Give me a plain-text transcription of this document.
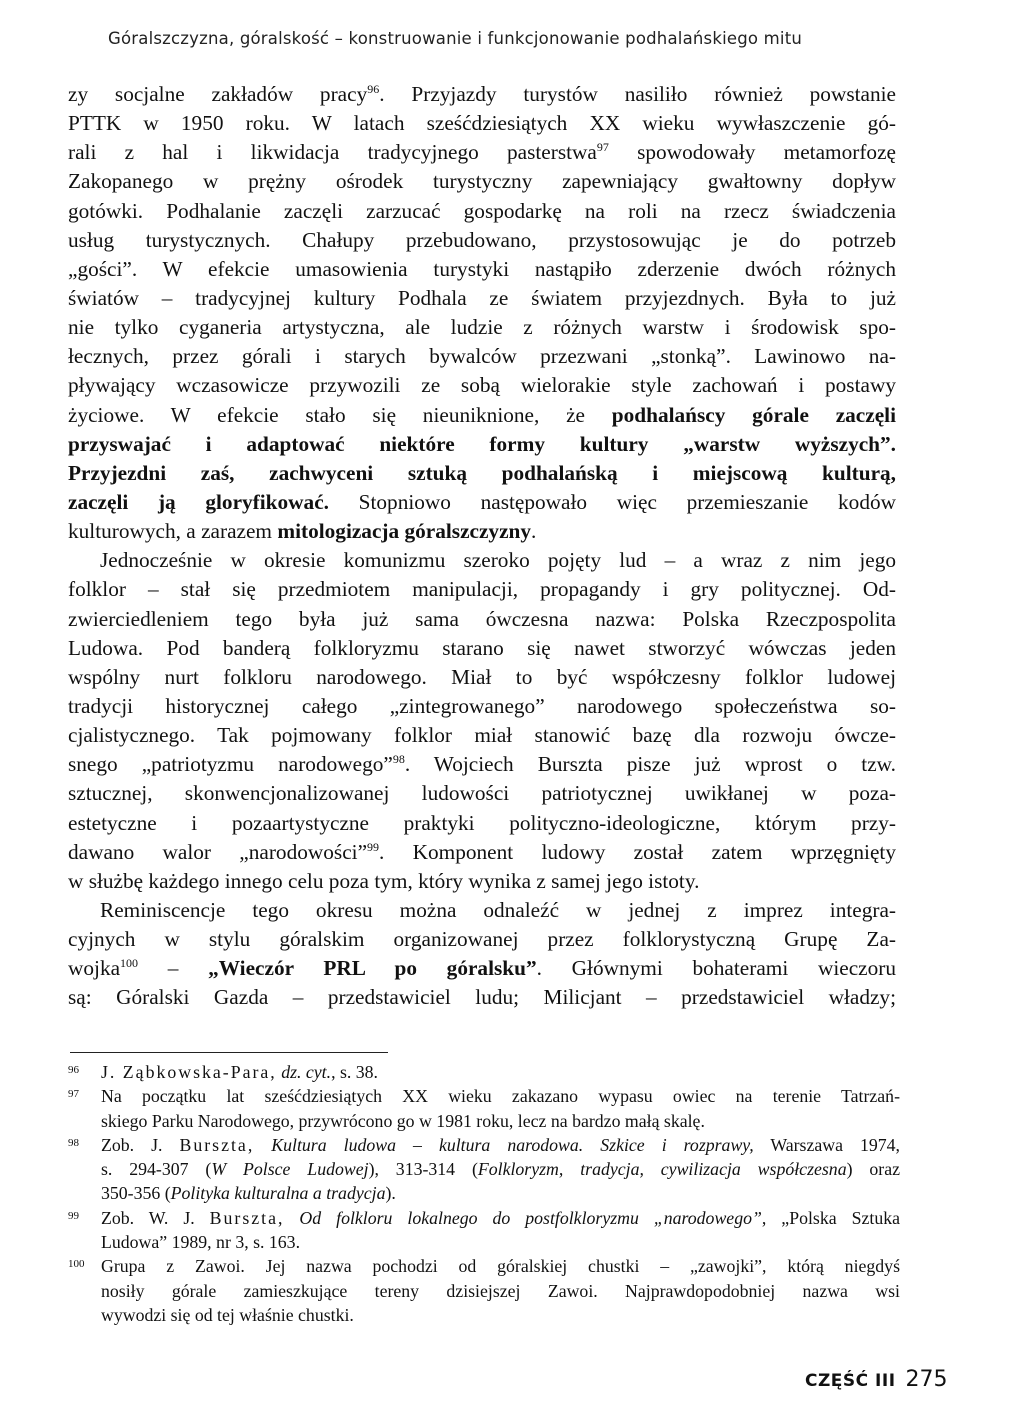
Góralszczyzna, góralskość – konstruowanie i funkcjonowanie podhalańskiego mitu
zy socjalne zakładów pracy$^{96}$. Przyjazdy turystów nasiliło również powstanie
PTTK w 1950 roku. W latach sześćdziesiątych XX wieku wywłaszczenie gó-
rali z hal i likwidacja tradycyjnego pasterstwa$^{97}$ spowodowały metamorfozę
Zakopanego w prężny ośrodek turystyczny zapewniający gwałtowny dopływ
gotówki. Podhalanie zaczęli zarzucać gospodarkę na roli na rzecz świadczenia
usług turystycznych. Chałupy przebudowano, przystosowując je do potrzeb
„gości”. W efekcie umasowienia turystyki nastąpiło zderzenie dwóch różnych
światów – tradycyjnej kultury Podhala ze światem przyjezdnych. Była to już
nie tylko cyganeria artystyczna, ale ludzie z różnych warstw i środowisk spo-
łecznych, przez górali i starych bywalców przezwani „stonką”. Lawinowo na-
pływający wczasowicze przywozili ze sobą wielorakie style zachowań i postawy
życiowe. W efekcie stało się nieuniknione, że podhalańscy górale zaczęli
przyswajać i adaptować niektóre formy kultury „warstw wyższych”.
Przyjezdni zaś, zachwyceni sztuką podhalańską i miejscową kulturą,
zaczęli ją gloryfikować. Stopniowo następowało więc przemieszanie kodów
kulturowych, a zarazem mitologizacja góralszczyzny.
Jednocześnie w okresie komunizmu szeroko pojęty lud – a wraz z nim jego
folklor – stał się przedmiotem manipulacji, propagandy i gry politycznej. Od-
zwierciedleniem tego była już sama ówczesna nazwa: Polska Rzeczpospolita
Ludowa. Pod banderą folkloryzmu starano się nawet stworzyć wówczas jeden
wspólny nurt folkloru narodowego. Miał to być współczesny folklor ludowej
tradycji historycznej całego „zintegrowanego” narodowego społeczeństwa so-
cjalistycznego. Tak pojmowany folklor miał stanowić bazę dla rozwoju ówcze-
snego „patriotyzmu narodowego”$^{98}$. Wojciech Burszta pisze już wprost o tzw.
sztucznej, skonwencjonalizowanej ludowości patriotycznej uwikłanej w poza-
estetyczne i pozaartystyczne praktyki polityczno-ideologiczne, którym przy-
dawano walor „narodowości”$^{99}$. Komponent ludowy został zatem wprzęgnięty
w służbę każdego innego celu poza tym, który wynika z samej jego istoty.
Reminiscencje tego okresu można odnaleźć w jednej z imprez integra-
cyjnych w stylu góralskim organizowanej przez folklorystyczną Grupę Za-
wojka$^{100}$ – „Wieczór PRL po góralsku”. Głównymi bohaterami wieczoru
są: Góralski Gazda – przedstawiciel ludu; Milicjant – przedstawiciel władzy;
96 J. Ząbkowska-Para, dz. cyt., s. 38.
97 Na początku lat sześćdziesiątych XX wieku zakazano wypasu owiec na terenie Tatrzań-
skiego Parku Narodowego, przywrócono go w 1981 roku, lecz na bardzo małą skalę.
98 Zob. J. Burszta, Kultura ludowa – kultura narodowa. Szkice i rozprawy, Warszawa 1974,
s. 294-307 (W Polsce Ludowej), 313-314 (Folkloryzm, tradycja, cywilizacja współczesna) oraz
350-356 (Polityka kulturalna a tradycja).
99 Zob. W. J. Burszta, Od folkloru lokalnego do postfolkloryzmu „narodowego”, „Polska Sztuka
Ludowa” 1989, nr 3, s. 163.
100 Grupa z Zawoi. Jej nazwa pochodzi od góralskiej chustki – „zawojki”, którą niegdyś
nosiły górale zamieszkujące tereny dzisiejszej Zawoi. Najprawdopodobniej nazwa wsi
wywodzi się od tej właśnie chustki.
CZĘŚĆ III 275
